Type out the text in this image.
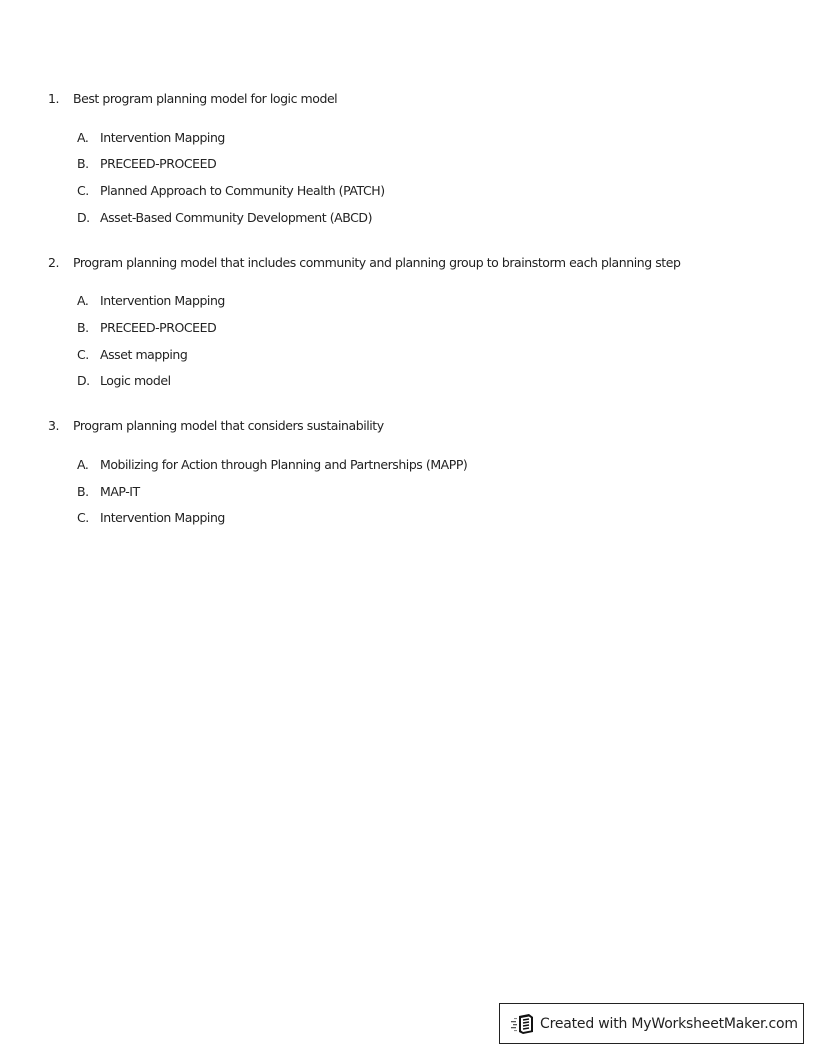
1. Best program planning model for logic model
A. Intervention Mapping
B. PRECEED-PROCEED
C. Planned Approach to Community Health (PATCH)
D. Asset-Based Community Development (ABCD)
2. Program planning model that includes community and planning group to brainstorm each planning step
A. Intervention Mapping
B. PRECEED-PROCEED
C. Asset mapping
D. Logic model
3. Program planning model that considers sustainability
A. Mobilizing for Action through Planning and Partnerships (MAPP)
B. MAP-IT
C. Intervention Mapping
Created with MyWorksheetMaker.com
